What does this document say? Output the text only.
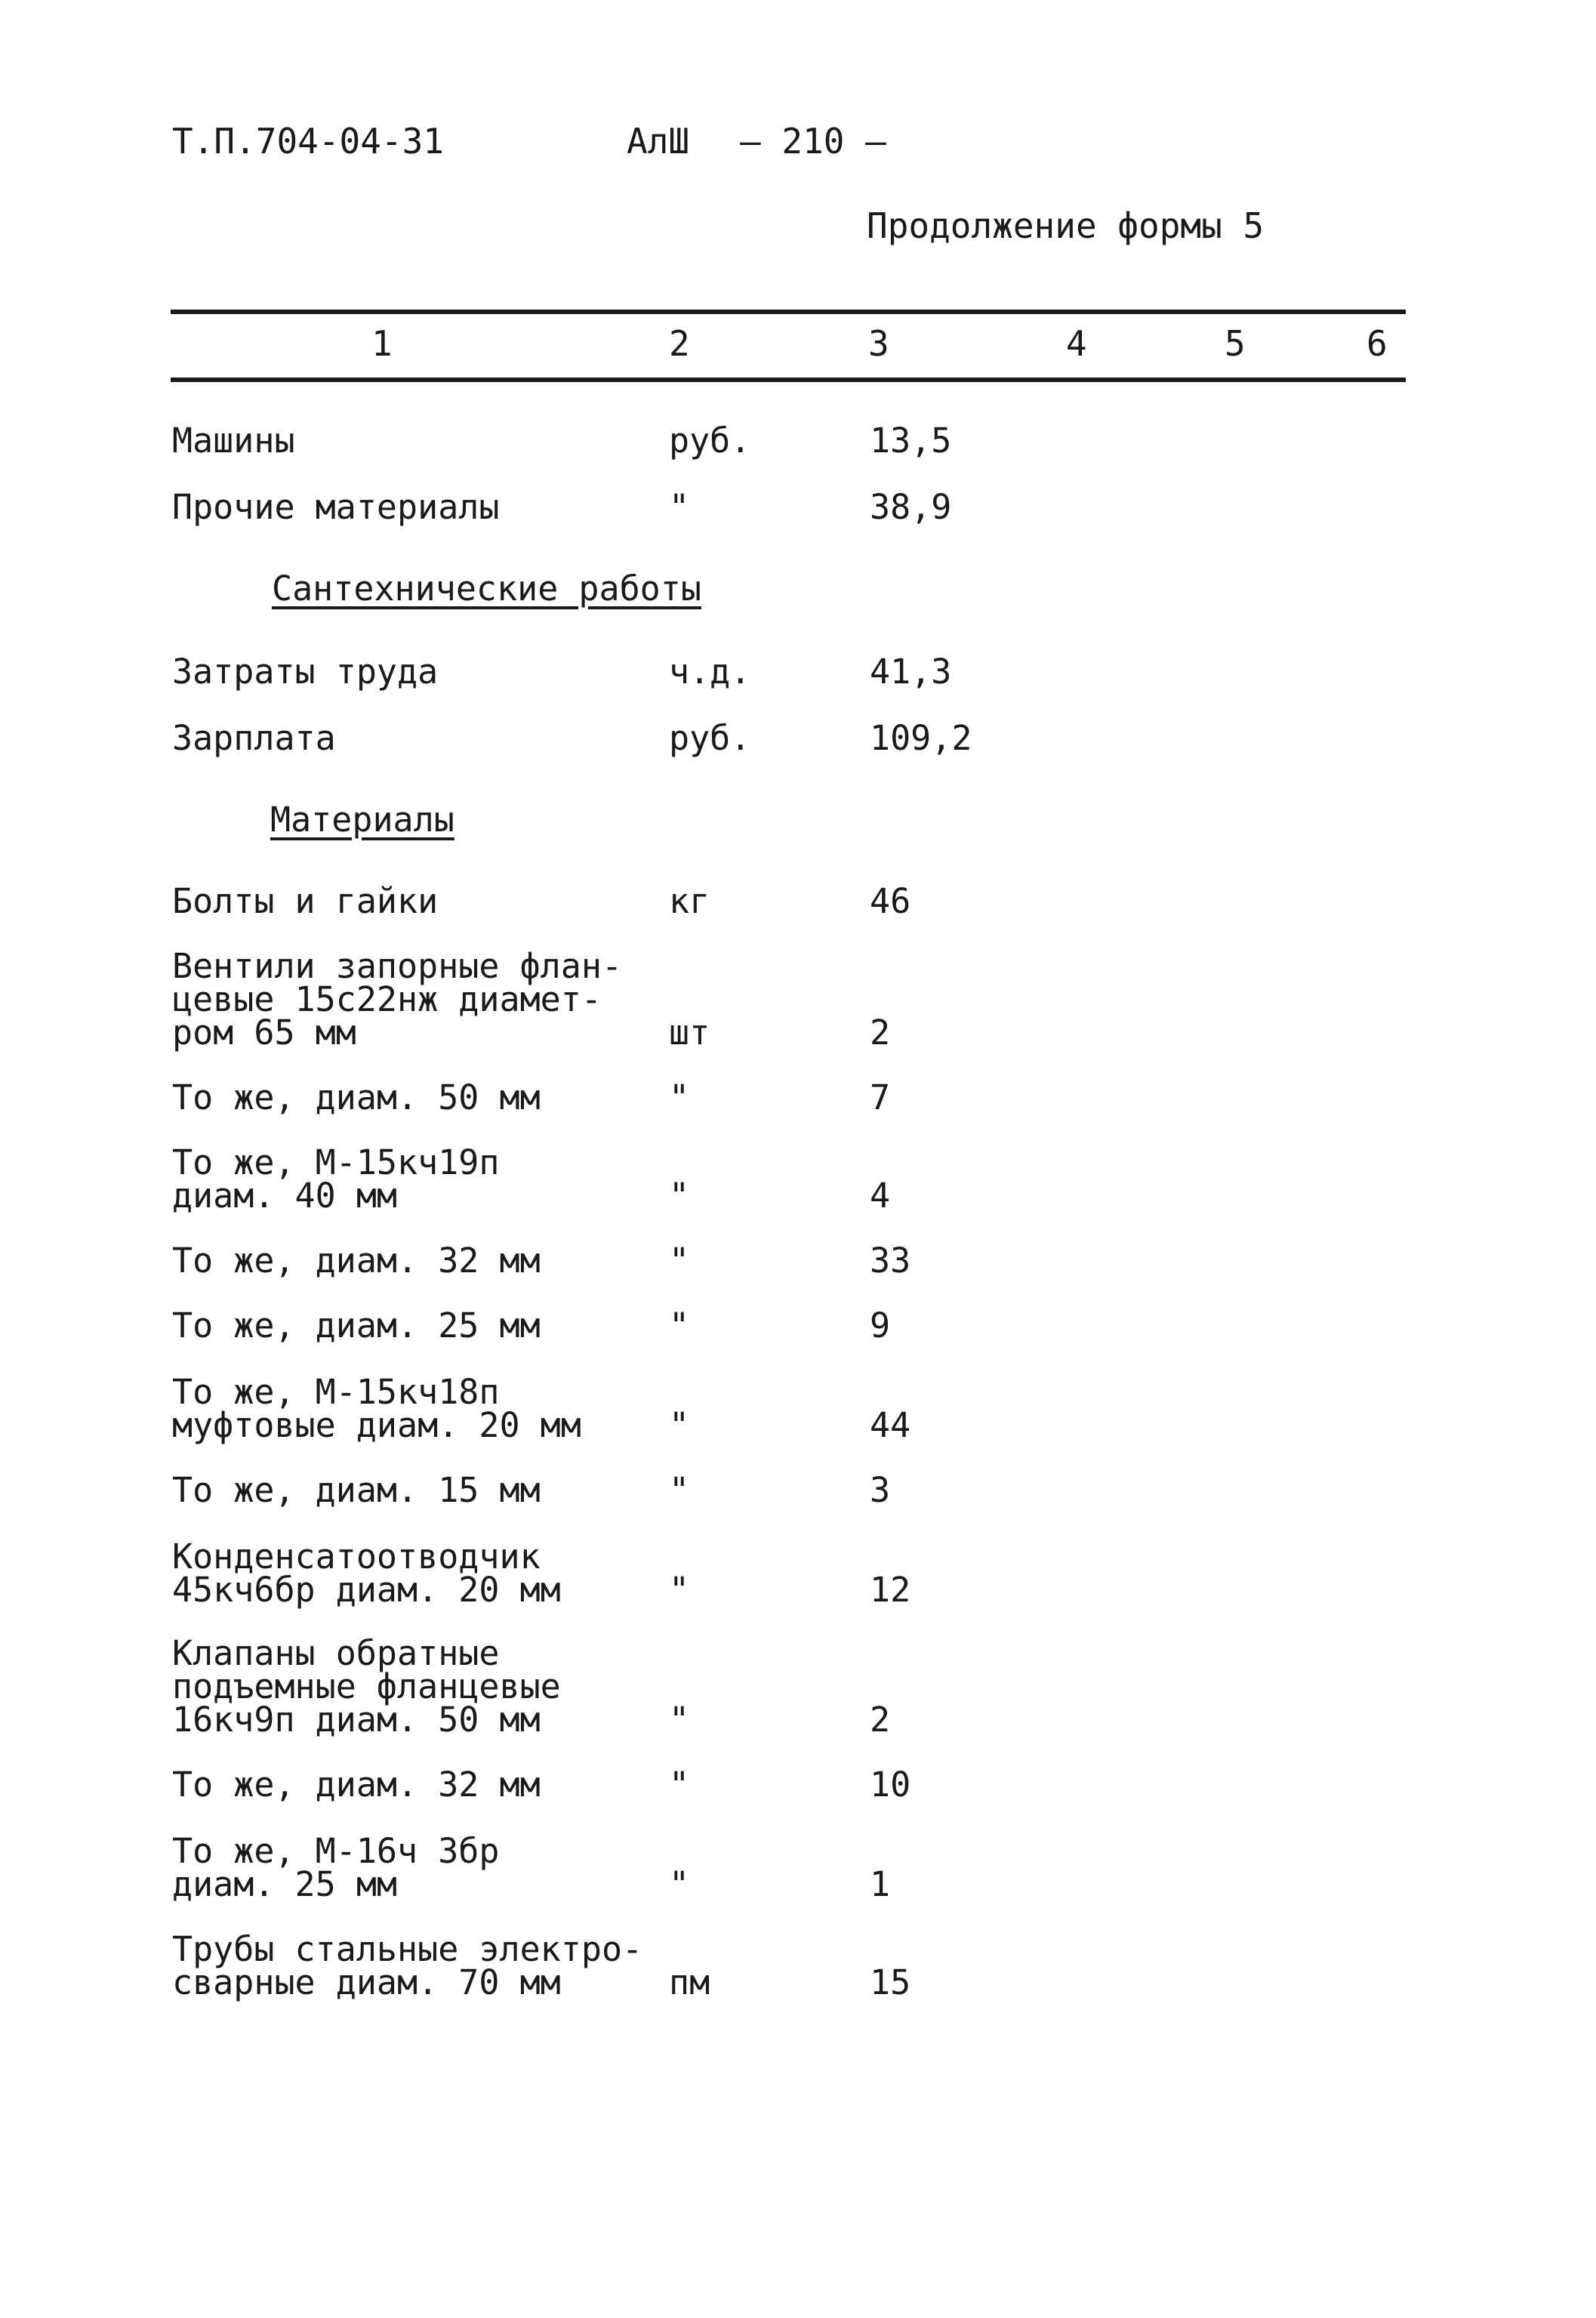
Т.П.704-04-31	АлШ – 210 –
Продолжение формы 5
1	2	3	4	5	6
Машины	руб.	13,5
Прочие материалы	"	38,9
Сантехнические работы
Затраты труда	ч.д.	41,3
Зарплата	руб.	109,2
Материалы
Болты и гайки	кг	46
Вентили запорные флан-
цевые 15с22нж диамет-
ром 65 мм	шт	2
То же, диам. 50 мм	"	7
То же, М-15кч19п
диам. 40 мм	"	4
То же, диам. 32 мм	"	33
То же, диам. 25 мм	"	9
То же, М-15кч18п
муфтовые диам. 20 мм	"	44
То же, диам. 15 мм	"	3
Конденсатоотводчик
45кч6бр диам. 20 мм	"	12
Клапаны обратные
подъемные фланцевые
16кч9п диам. 50 мм	"	2
То же, диам. 32 мм	"	10
То же, М-16ч 3бр
диам. 25 мм	"	1
Трубы стальные электро-
сварные диам. 70 мм	пм	15
